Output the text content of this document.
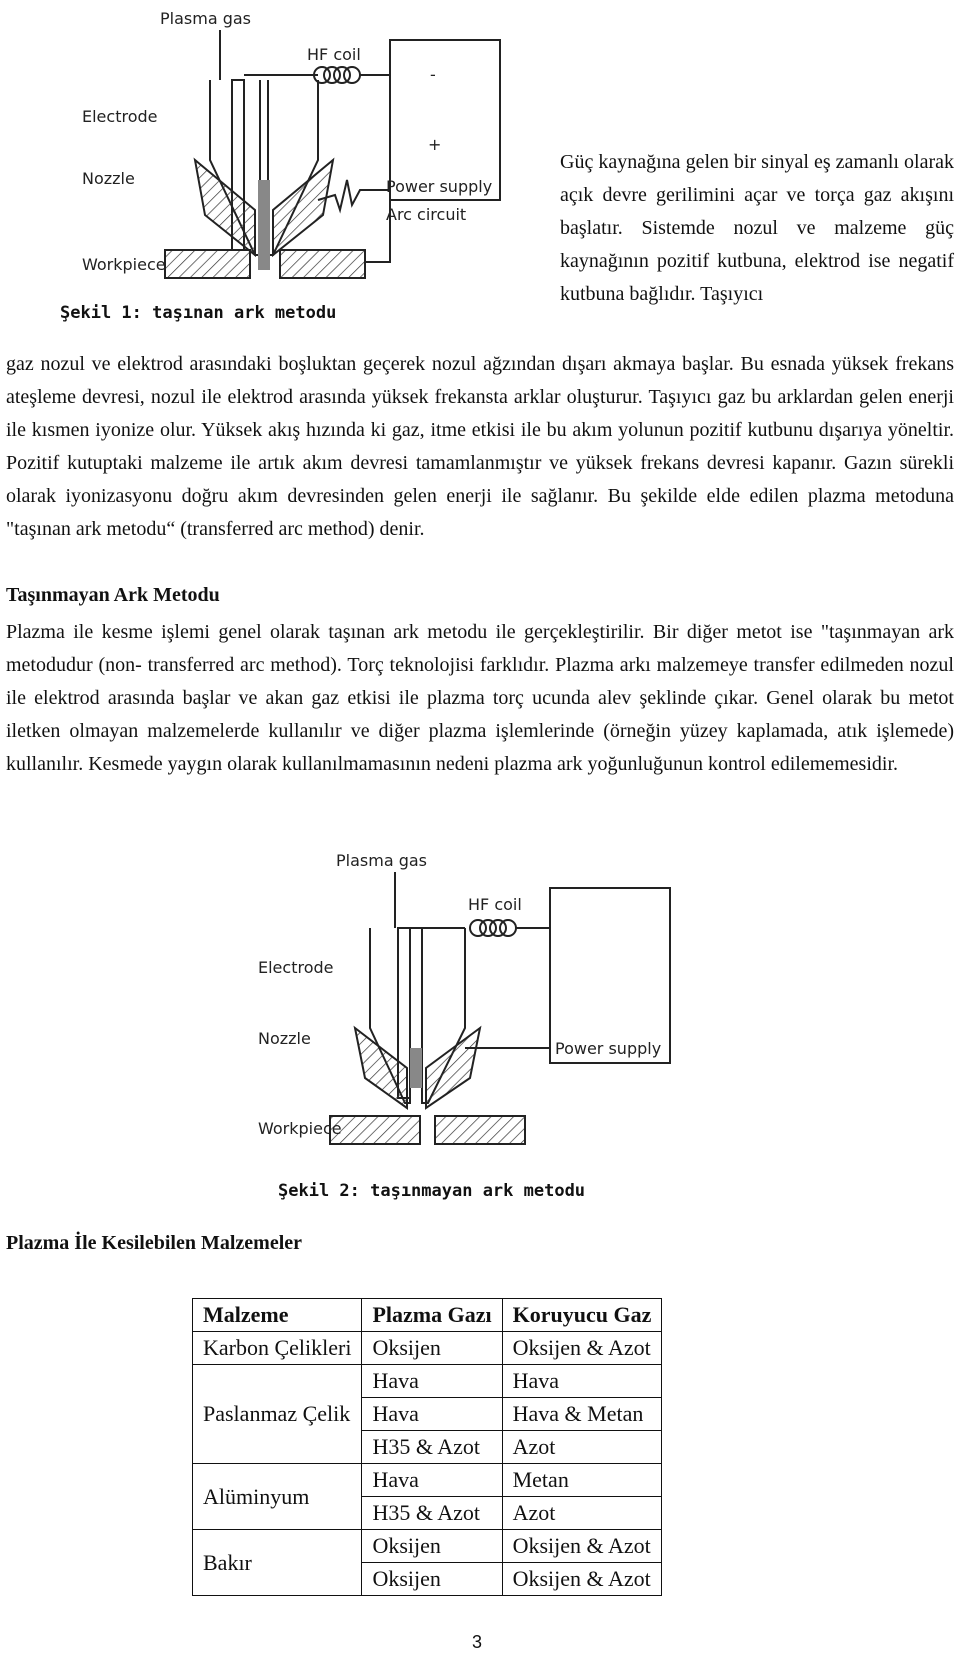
Plasma gas
HF coil
Electrode
Nozzle
Workpiece
Power supply
Arc circuit
-
+
Şekil 1: taşınan ark metodu

Güç kaynağına gelen bir sinyal eş zamanlı olarak açık devre gerilimini açar ve torça gaz akışını başlatır. Sistemde nozul ve malzeme güç kaynağının pozitif kutbuna, elektrod ise negatif kutbuna bağlıdır. Taşıyıcı

gaz nozul ve elektrod arasındaki boşluktan geçerek nozul ağzından dışarı akmaya başlar. Bu esnada yüksek frekans ateşleme devresi, nozul ile elektrod arasında yüksek frekansta arklar oluşturur. Taşıyıcı gaz bu arklardan gelen enerji ile kısmen iyonize olur. Yüksek akış hızında ki gaz, itme etkisi ile bu akım yolunun pozitif kutbunu dışarıya yöneltir. Pozitif kutuptaki malzeme ile artık akım devresi tamamlanmıştır ve yüksek frekans devresi kapanır. Gazın sürekli olarak iyonizasyonu doğru akım devresinden gelen enerji ile sağlanır. Bu şekilde elde edilen plazma metoduna "taşınan ark metodu“ (transferred arc method) denir.

Taşınmayan Ark Metodu

Plazma ile kesme işlemi genel olarak taşınan ark metodu ile gerçekleştirilir. Bir diğer metot ise "taşınmayan ark metodudur (non- transferred arc method). Torç teknolojisi farklıdır. Plazma arkı malzemeye transfer edilmeden nozul ile elektrod arasında başlar ve akan gaz etkisi ile plazma torç ucunda alev şeklinde çıkar. Genel olarak bu metot iletken olmayan malzemelerde kullanılır ve diğer plazma işlemlerinde (örneğin yüzey kaplamada, atık işlemede) kullanılır. Kesmede yaygın olarak kullanılmamasının nedeni plazma ark yoğunluğunun kontrol edilememesidir.

Plasma gas
HF coil
Electrode
Nozzle
Workpiece
Power supply
Şekil 2: taşınmayan ark metodu

Plazma İle Kesilebilen Malzemeler

Malzeme	Plazma Gazı	Koruyucu Gaz
Karbon Çelikleri	Oksijen	Oksijen & Azot
Paslanmaz Çelik	Hava	Hava
	Hava	Hava & Metan
	H35 & Azot	Azot
Alüminyum	Hava	Metan
	H35 & Azot	Azot
Bakır	Oksijen	Oksijen & Azot
	Oksijen	Oksijen & Azot
3
